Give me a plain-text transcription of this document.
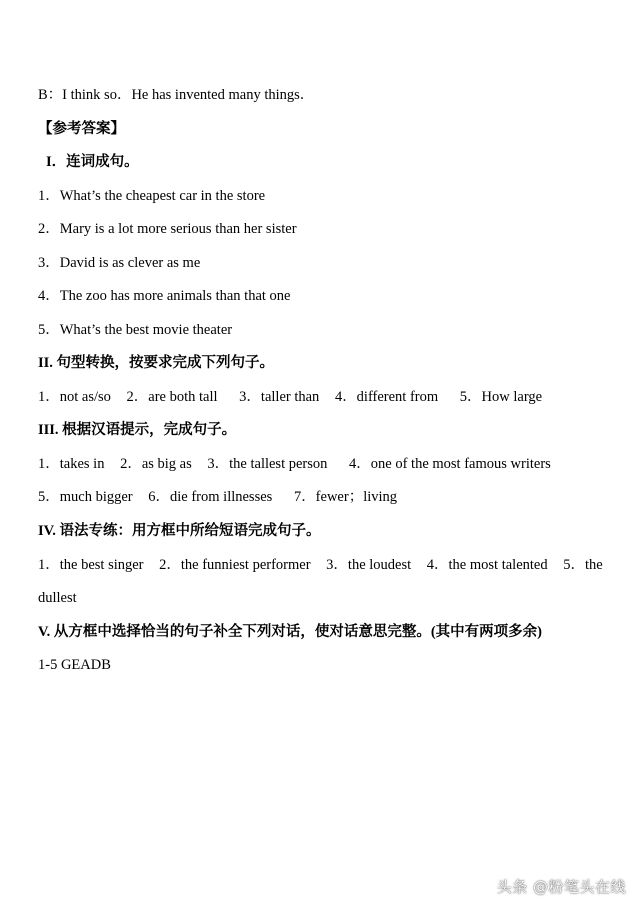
B：I think so．He has invented many things．
【参考答案】
I．连词成句。
1．What’s the cheapest car in the store
2．Mary is a lot more serious than her sister
3．David is as clever as me
4．The zoo has more animals than that one
5．What’s the best movie theater
II. 句型转换，按要求完成下列句子。
1．not as/so 2．are both tall 3．taller than 4．different from 5．How large
III. 根据汉语提示，完成句子。
1．takes in 2．as big as 3．the tallest person 4．one of the most famous writers
5．much bigger 6．die from illnesses 7．fewer；living
IV. 语法专练：用方框中所给短语完成句子。
1．the best singer 2．the funniest performer 3．the loudest 4．the most talented 5．the
dullest
V. 从方框中选择恰当的句子补全下列对话，使对话意思完整。(其中有两项多余)
1-5 GEADB
头条 @粉笔头在线
